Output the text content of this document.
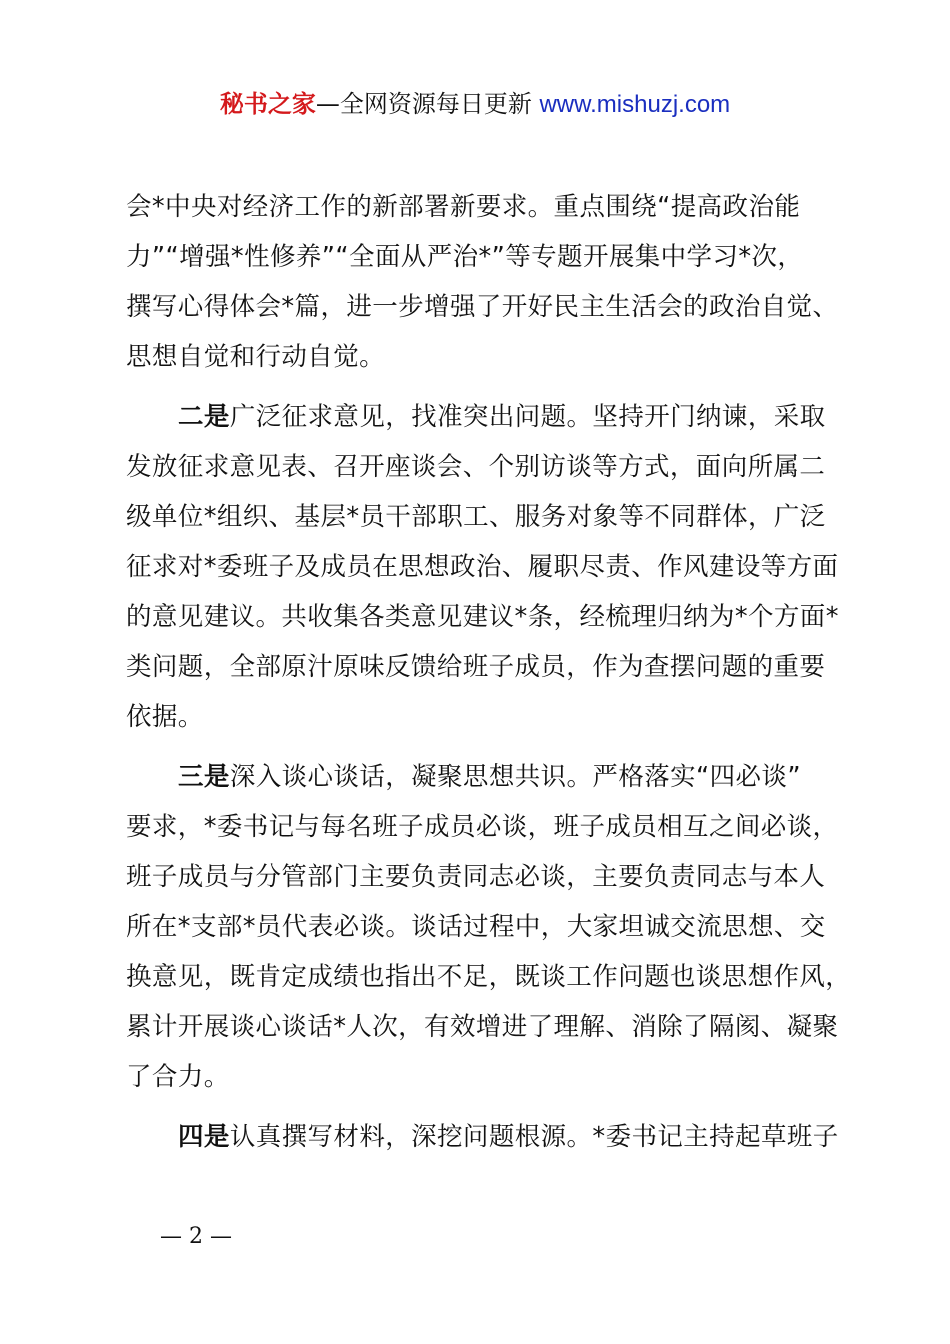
秘书之家—全网资源每日更新 www.mishuzj.com
会*中央对经济工作的新部署新要求。重点围绕“提高政治能
力”“增强*性修养”“全面从严治*”等专题开展集中学习*次，
撰写心得体会*篇，进一步增强了开好民主生活会的政治自觉、
思想自觉和行动自觉。
二是广泛征求意见，找准突出问题。坚持开门纳谏，采取
发放征求意见表、召开座谈会、个别访谈等方式，面向所属二
级单位*组织、基层*员干部职工、服务对象等不同群体，广泛
征求对*委班子及成员在思想政治、履职尽责、作风建设等方面
的意见建议。共收集各类意见建议*条，经梳理归纳为*个方面*
类问题，全部原汁原味反馈给班子成员，作为查摆问题的重要
依据。
三是深入谈心谈话，凝聚思想共识。严格落实“四必谈”
要求，*委书记与每名班子成员必谈，班子成员相互之间必谈，
班子成员与分管部门主要负责同志必谈，主要负责同志与本人
所在*支部*员代表必谈。谈话过程中，大家坦诚交流思想、交
换意见，既肯定成绩也指出不足，既谈工作问题也谈思想作风，
累计开展谈心谈话*人次，有效增进了理解、消除了隔阂、凝聚
了合力。
四是认真撰写材料，深挖问题根源。*委书记主持起草班子
— 2 —
